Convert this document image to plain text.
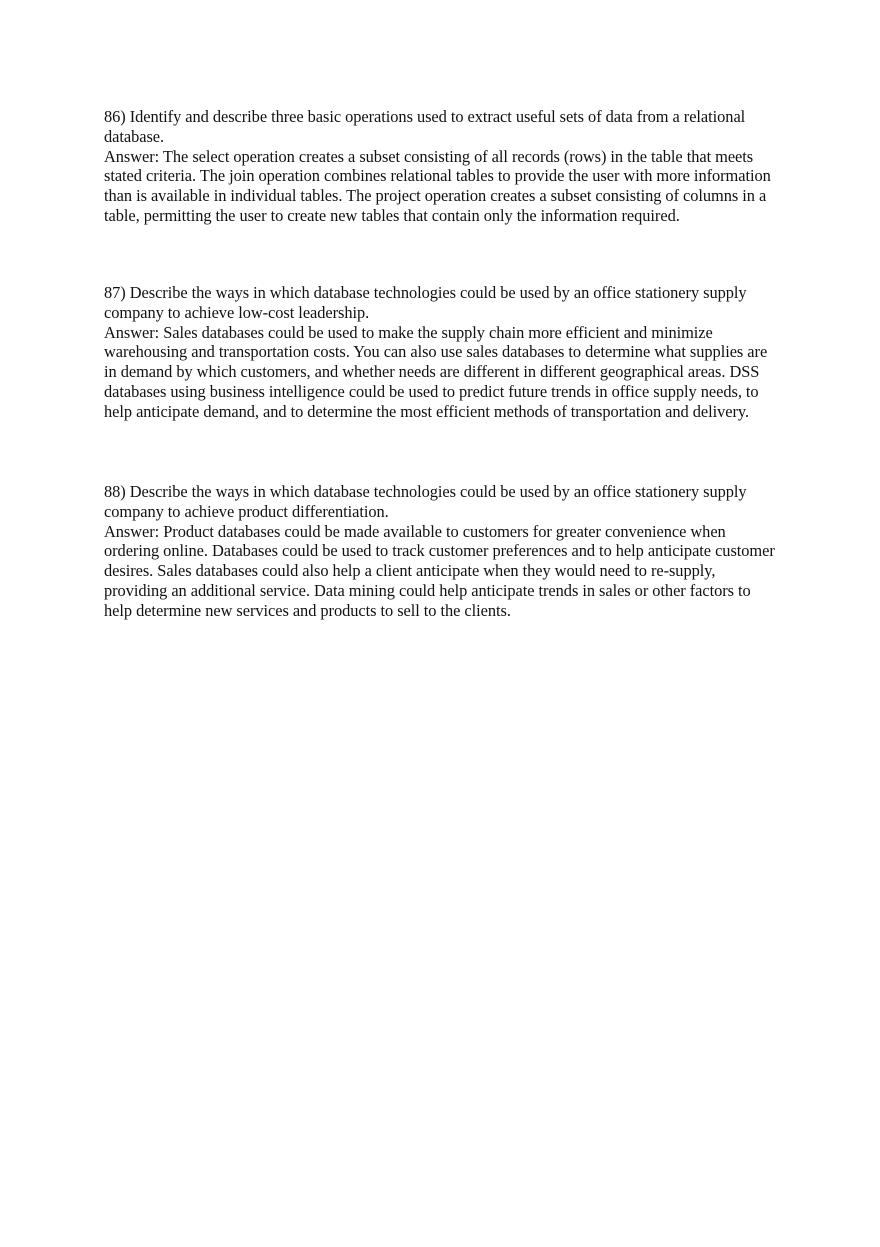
86) Identify and describe three basic operations used to extract useful sets of data from a relational database.

Answer: The select operation creates a subset consisting of all records (rows) in the table that meets stated criteria. The join operation combines relational tables to provide the user with more information than is available in individual tables. The project operation creates a subset consisting of columns in a table, permitting the user to create new tables that contain only the information required.

87) Describe the ways in which database technologies could be used by an office stationery supply company to achieve low-cost leadership.

Answer: Sales databases could be used to make the supply chain more efficient and minimize warehousing and transportation costs. You can also use sales databases to determine what supplies are in demand by which customers, and whether needs are different in different geographical areas. DSS databases using business intelligence could be used to predict future trends in office supply needs, to help anticipate demand, and to determine the most efficient methods of transportation and delivery.

88) Describe the ways in which database technologies could be used by an office stationery supply company to achieve product differentiation.

Answer: Product databases could be made available to customers for greater convenience when ordering online. Databases could be used to track customer preferences and to help anticipate customer desires. Sales databases could also help a client anticipate when they would need to re-supply, providing an additional service. Data mining could help anticipate trends in sales or other factors to help determine new services and products to sell to the clients.
